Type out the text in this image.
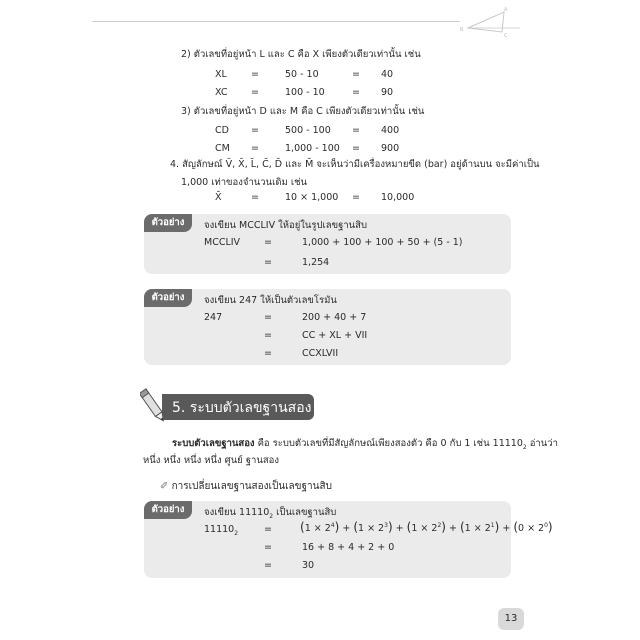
B
A
C
2) ตัวเลขที่อยู่หน้า L และ C คือ X เพียงตัวเดียวเท่านั้น เช่น
XL	=	50 - 10	= 40
XC =	100 - 10	= 90
3) ตัวเลขที่อยู่หน้า D และ M คือ C เพียงตัวเดียวเท่านั้น เช่น
CD =	500 - 100 = 400
CM =	1,000 - 100 = 900
4. สัญลักษณ์ V̄, X̄, L̄, C̄, D̄ และ M̄ จะเห็นว่ามีเครื่องหมายขีด (bar) อยู่ด้านบน จะมีค่าเป็น
1,000 เท่าของจำนวนเดิม เช่น
X̄	=	10 × 1,000 = 10,000
ตัวอย่าง	จงเขียน MCCLIV ให้อยู่ในรูปเลขฐานสิบ
MCCLIV	=	1,000 + 100 + 100 + 50 + (5 - 1)
=	1,254
ตัวอย่าง	จงเขียน 247 ให้เป็นตัวเลขโรมัน
247	=	200 + 40 + 7
=	CC + XL + VII
=	CCXLVII
5. ระบบตัวเลขฐานสอง
ระบบตัวเลขฐานสอง คือ ระบบตัวเลขที่มีสัญลักษณ์เพียงสองตัว คือ 0 กับ 1 เช่น $11110_2$ อ่านว่า
หนึ่ง หนึ่ง หนึ่ง หนึ่ง ศูนย์ ฐานสอง
✐ การเปลี่ยนเลขฐานสองเป็นเลขฐานสิบ
ตัวอย่าง	จงเขียน $11110_2$ เป็นเลขฐานสิบ
$11110_2$	= $(1 \times 2^4) + (1 \times 2^3) + (1 \times 2^2) + (1 \times 2^1) + (0 \times 2^0)$
=	16 + 8 + 4 + 2 + 0
=	30
13
